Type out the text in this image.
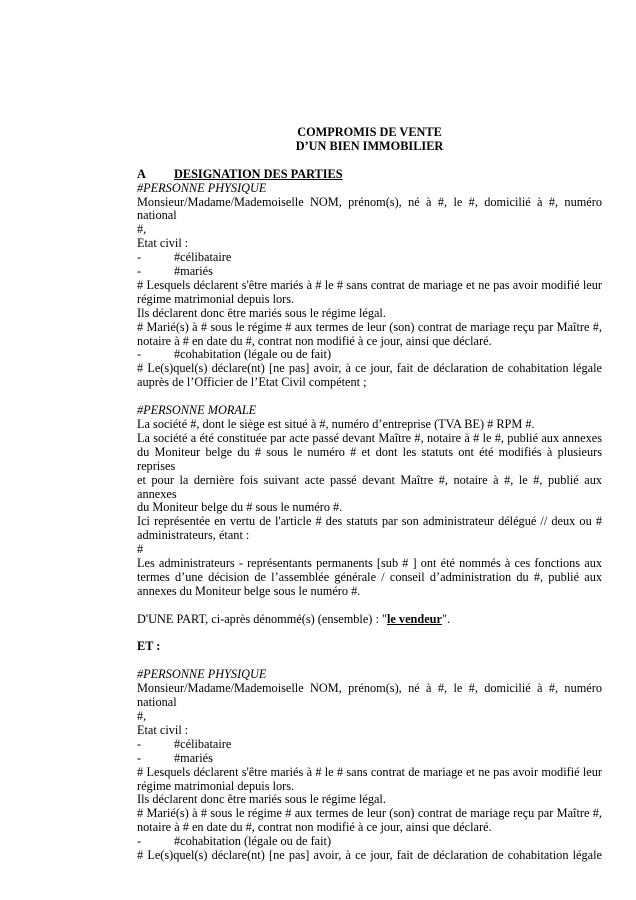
COMPROMIS DE VENTE
D’UN BIEN IMMOBILIER
A DESIGNATION DES PARTIES
#PERSONNE PHYSIQUE
Monsieur/Madame/Mademoiselle NOM, prénom(s), né à #, le #, domicilié à #, numéro national
#,
Etat civil :
-	#célibataire
-	#mariés
# Lesquels déclarent s'être mariés à # le # sans contrat de mariage et ne pas avoir modifié leur
régime matrimonial depuis lors.
Ils déclarent donc être mariés sous le régime légal.
# Marié(s) à # sous le régime # aux termes de leur (son) contrat de mariage reçu par Maître #,
notaire à # en date du #, contrat non modifié à ce jour, ainsi que déclaré.
-	#cohabitation (légale ou de fait)
# Le(s)quel(s) déclare(nt) [ne pas] avoir, à ce jour, fait de déclaration de cohabitation légale
auprès de l’Officier de l’Etat Civil compétent ;
#PERSONNE MORALE
La société #, dont le siège est situé à #, numéro d’entreprise (TVA BE) # RPM #.
La société a été constituée par acte passé devant Maître #, notaire à # le #, publié aux annexes
du Moniteur belge du # sous le numéro # et dont les statuts ont été modifiés à plusieurs reprises
et pour la dernière fois suivant acte passé devant Maître #, notaire à #, le #, publié aux annexes
du Moniteur belge du # sous le numéro #.
Ici représentée en vertu de l'article # des statuts par son administrateur délégué // deux ou #
administrateurs, étant :
#
Les administrateurs - représentants permanents [sub # ] ont été nommés à ces fonctions aux
termes d’une décision de l’assemblée générale / conseil d’administration du #, publié aux
annexes du Moniteur belge sous le numéro #.
D'UNE PART, ci-après dénommé(s) (ensemble) : "le vendeur".
ET :
#PERSONNE PHYSIQUE
Monsieur/Madame/Mademoiselle NOM, prénom(s), né à #, le #, domicilié à #, numéro national
#,
Etat civil :
-	#célibataire
-	#mariés
# Lesquels déclarent s'être mariés à # le # sans contrat de mariage et ne pas avoir modifié leur
régime matrimonial depuis lors.
Ils déclarent donc être mariés sous le régime légal.
# Marié(s) à # sous le régime # aux termes de leur (son) contrat de mariage reçu par Maître #,
notaire à # en date du #, contrat non modifié à ce jour, ainsi que déclaré.
-	#cohabitation (légale ou de fait)
# Le(s)quel(s) déclare(nt) [ne pas] avoir, à ce jour, fait de déclaration de cohabitation légale
